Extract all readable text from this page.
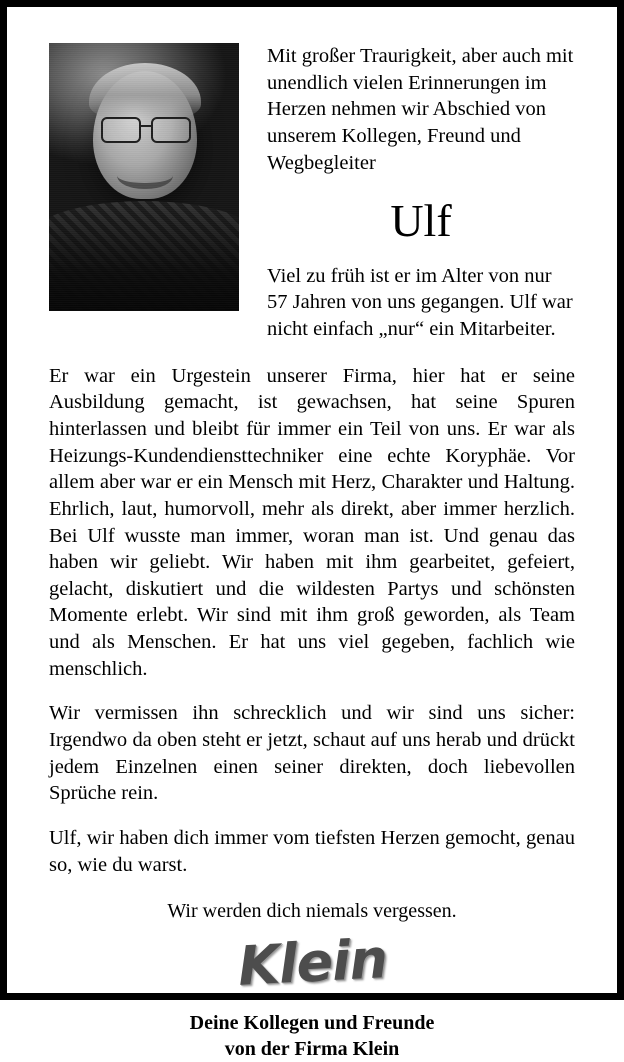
Mit großer Traurigkeit, aber auch mit unendlich vielen Erinnerungen im Herzen nehmen wir Abschied von unserem Kollegen, Freund und Wegbegleiter

Ulf

Viel zu früh ist er im Alter von nur 57 Jahren von uns gegangen. Ulf war nicht einfach „nur“ ein Mitarbeiter.

Er war ein Urgestein unserer Firma, hier hat er seine Ausbildung gemacht, ist gewachsen, hat seine Spuren hinterlassen und bleibt für immer ein Teil von uns. Er war als Heizungs-Kundendiensttechniker eine echte Koryphäe. Vor allem aber war er ein Mensch mit Herz, Charakter und Haltung. Ehrlich, laut, humorvoll, mehr als direkt, aber immer herzlich. Bei Ulf wusste man immer, woran man ist. Und genau das haben wir geliebt. Wir haben mit ihm gearbeitet, gefeiert, gelacht, diskutiert und die wildesten Partys und schönsten Momente erlebt. Wir sind mit ihm groß geworden, als Team und als Menschen. Er hat uns viel gegeben, fachlich wie menschlich.

Wir vermissen ihn schrecklich und wir sind uns sicher: Irgendwo da oben steht er jetzt, schaut auf uns herab und drückt jedem Einzelnen einen seiner direkten, doch liebevollen Sprüche rein.

Ulf, wir haben dich immer vom tiefsten Herzen gemocht, genau so, wie du warst.

Wir werden dich niemals vergessen.

Klein
Deine Kollegen und Freunde
von der Firma Klein
